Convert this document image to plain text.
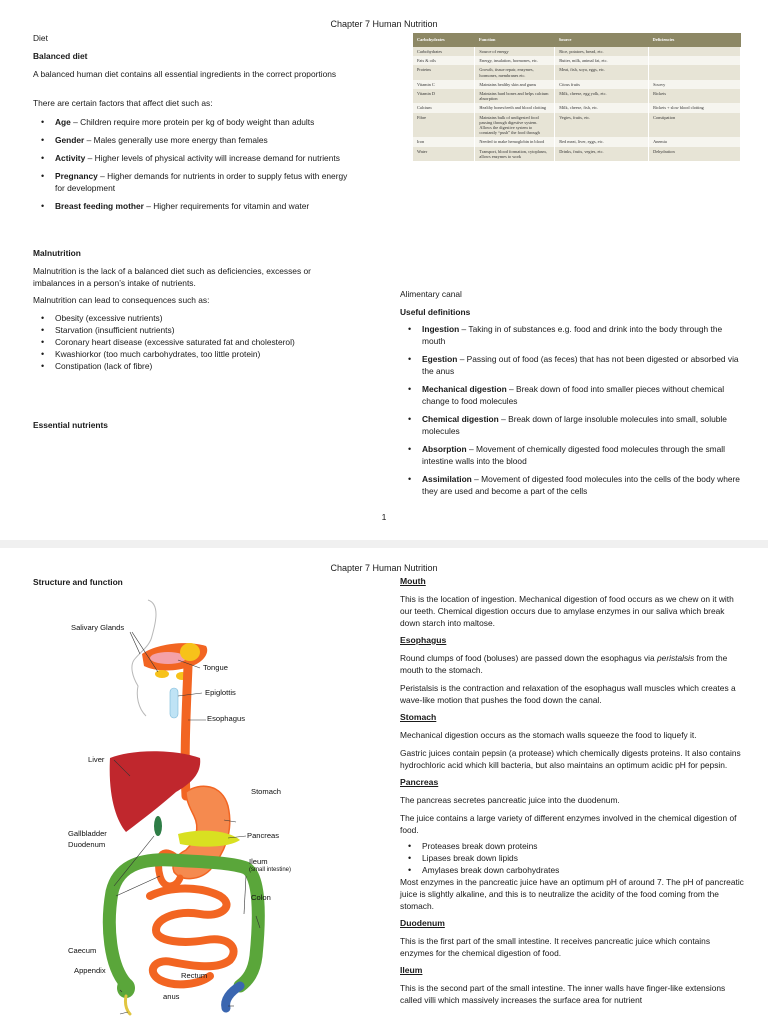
Chapter 7 Human Nutrition
Diet
Balanced diet
A balanced human diet contains all essential ingredients in the correct proportions
There are certain factors that affect diet such as:
• Age – Children require more protein per kg of body weight than adults
• Gender – Males generally use more energy than females
• Activity – Higher levels of physical activity will increase demand for nutrients
• Pregnancy – Higher demands for nutrients in order to supply fetus with energy for development
• Breast feeding mother – Higher requirements for vitamin and water
Malnutrition
Malnutrition is the lack of a balanced diet such as deficiencies, excesses or imbalances in a person’s intake of nutrients.
Malnutrition can lead to consequences such as:
• Obesity (excessive nutrients)
• Starvation (insufficient nutrients)
• Coronary heart disease (excessive saturated fat and cholesterol)
• Kwashiorkor (too much carbohydrates, too little protein)
• Constipation (lack of fibre)
Essential nutrients
Carbohydrates	Function	Source	Deficiencies
Carbohydrates	Source of energy	Rice, potatoes, bread, etc.	
Fats & oils	Energy, insulation, hormones, etc.	Butter, milk, animal fat, etc.	
Proteins	Growth, tissue repair, enzymes, hormones, membranes etc.	Meat, fish, soya, eggs, etc.	
Vitamin C	Maintains healthy skin and gums	Citrus fruits	Scurvy
Vitamin D	Maintains hard bones and helps calcium absorption	Milk, cheese, egg yolk, etc.	Rickets
Calcium	Healthy bones/teeth and blood clotting	Milk, cheese, fish, etc.	Rickets + slow blood clotting
Fibre	Maintains bulk of undigested food passing through digestive system. Allows the digestive system to constantly “push” the food through	Vegies, fruits, etc.	Constipation
Iron	Needed to make hemoglobin in blood	Red meat, liver, eggs, etc.	Anemia
Water	Transport, blood formation, cytoplasm, allows enzymes to work	Drinks, fruits, vegies, etc.	Dehydration
Alimentary canal
Useful definitions
• Ingestion – Taking in of substances e.g. food and drink into the body through the mouth
• Egestion – Passing out of food (as feces) that has not been digested or absorbed via the anus
• Mechanical digestion – Break down of food into smaller pieces without chemical change to food molecules
• Chemical digestion – Break down of large insoluble molecules into small, soluble molecules
• Absorption – Movement of chemically digested food molecules through the small intestine walls into the blood
• Assimilation – Movement of digested food molecules into the cells of the body where they are used and become a part of the cells
1
Chapter 7 Human Nutrition
Structure and function
Salivary Glands
Tongue
Epiglottis
Esophagus
Liver
Stomach
Gallbladder
Duodenum
Pancreas
Ileum
(small intestine)
Colon
Caecum
Appendix
Rectum
anus
Mouth
This is the location of ingestion. Mechanical digestion of food occurs as we chew on it with our teeth. Chemical digestion occurs due to amylase enzymes in our saliva which break down starch into maltose.
Esophagus
Round clumps of food (boluses) are passed down the esophagus via peristalsis from the mouth to the stomach.
Peristalsis is the contraction and relaxation of the esophagus wall muscles which creates a wave-like motion that pushes the food down the canal.
Stomach
Mechanical digestion occurs as the stomach walls squeeze the food to liquefy it.
Gastric juices contain pepsin (a protease) which chemically digests proteins. It also contains hydrochloric acid which kill bacteria, but also maintains an optimum acidic pH for pepsin.
Pancreas
The pancreas secretes pancreatic juice into the duodenum.
The juice contains a large variety of different enzymes involved in the chemical digestion of food.
• Proteases break down proteins
• Lipases break down lipids
• Amylases break down carbohydrates
Most enzymes in the pancreatic juice have an optimum pH of around 7. The pH of pancreatic juice is slightly alkaline, and this is to neutralize the acidity of the food coming from the stomach.
Duodenum
This is the first part of the small intestine. It receives pancreatic juice which contains enzymes for the chemical digestion of food.
Ileum
This is the second part of the small intestine. The inner walls have finger-like extensions called villi which massively increases the surface area for nutrient
